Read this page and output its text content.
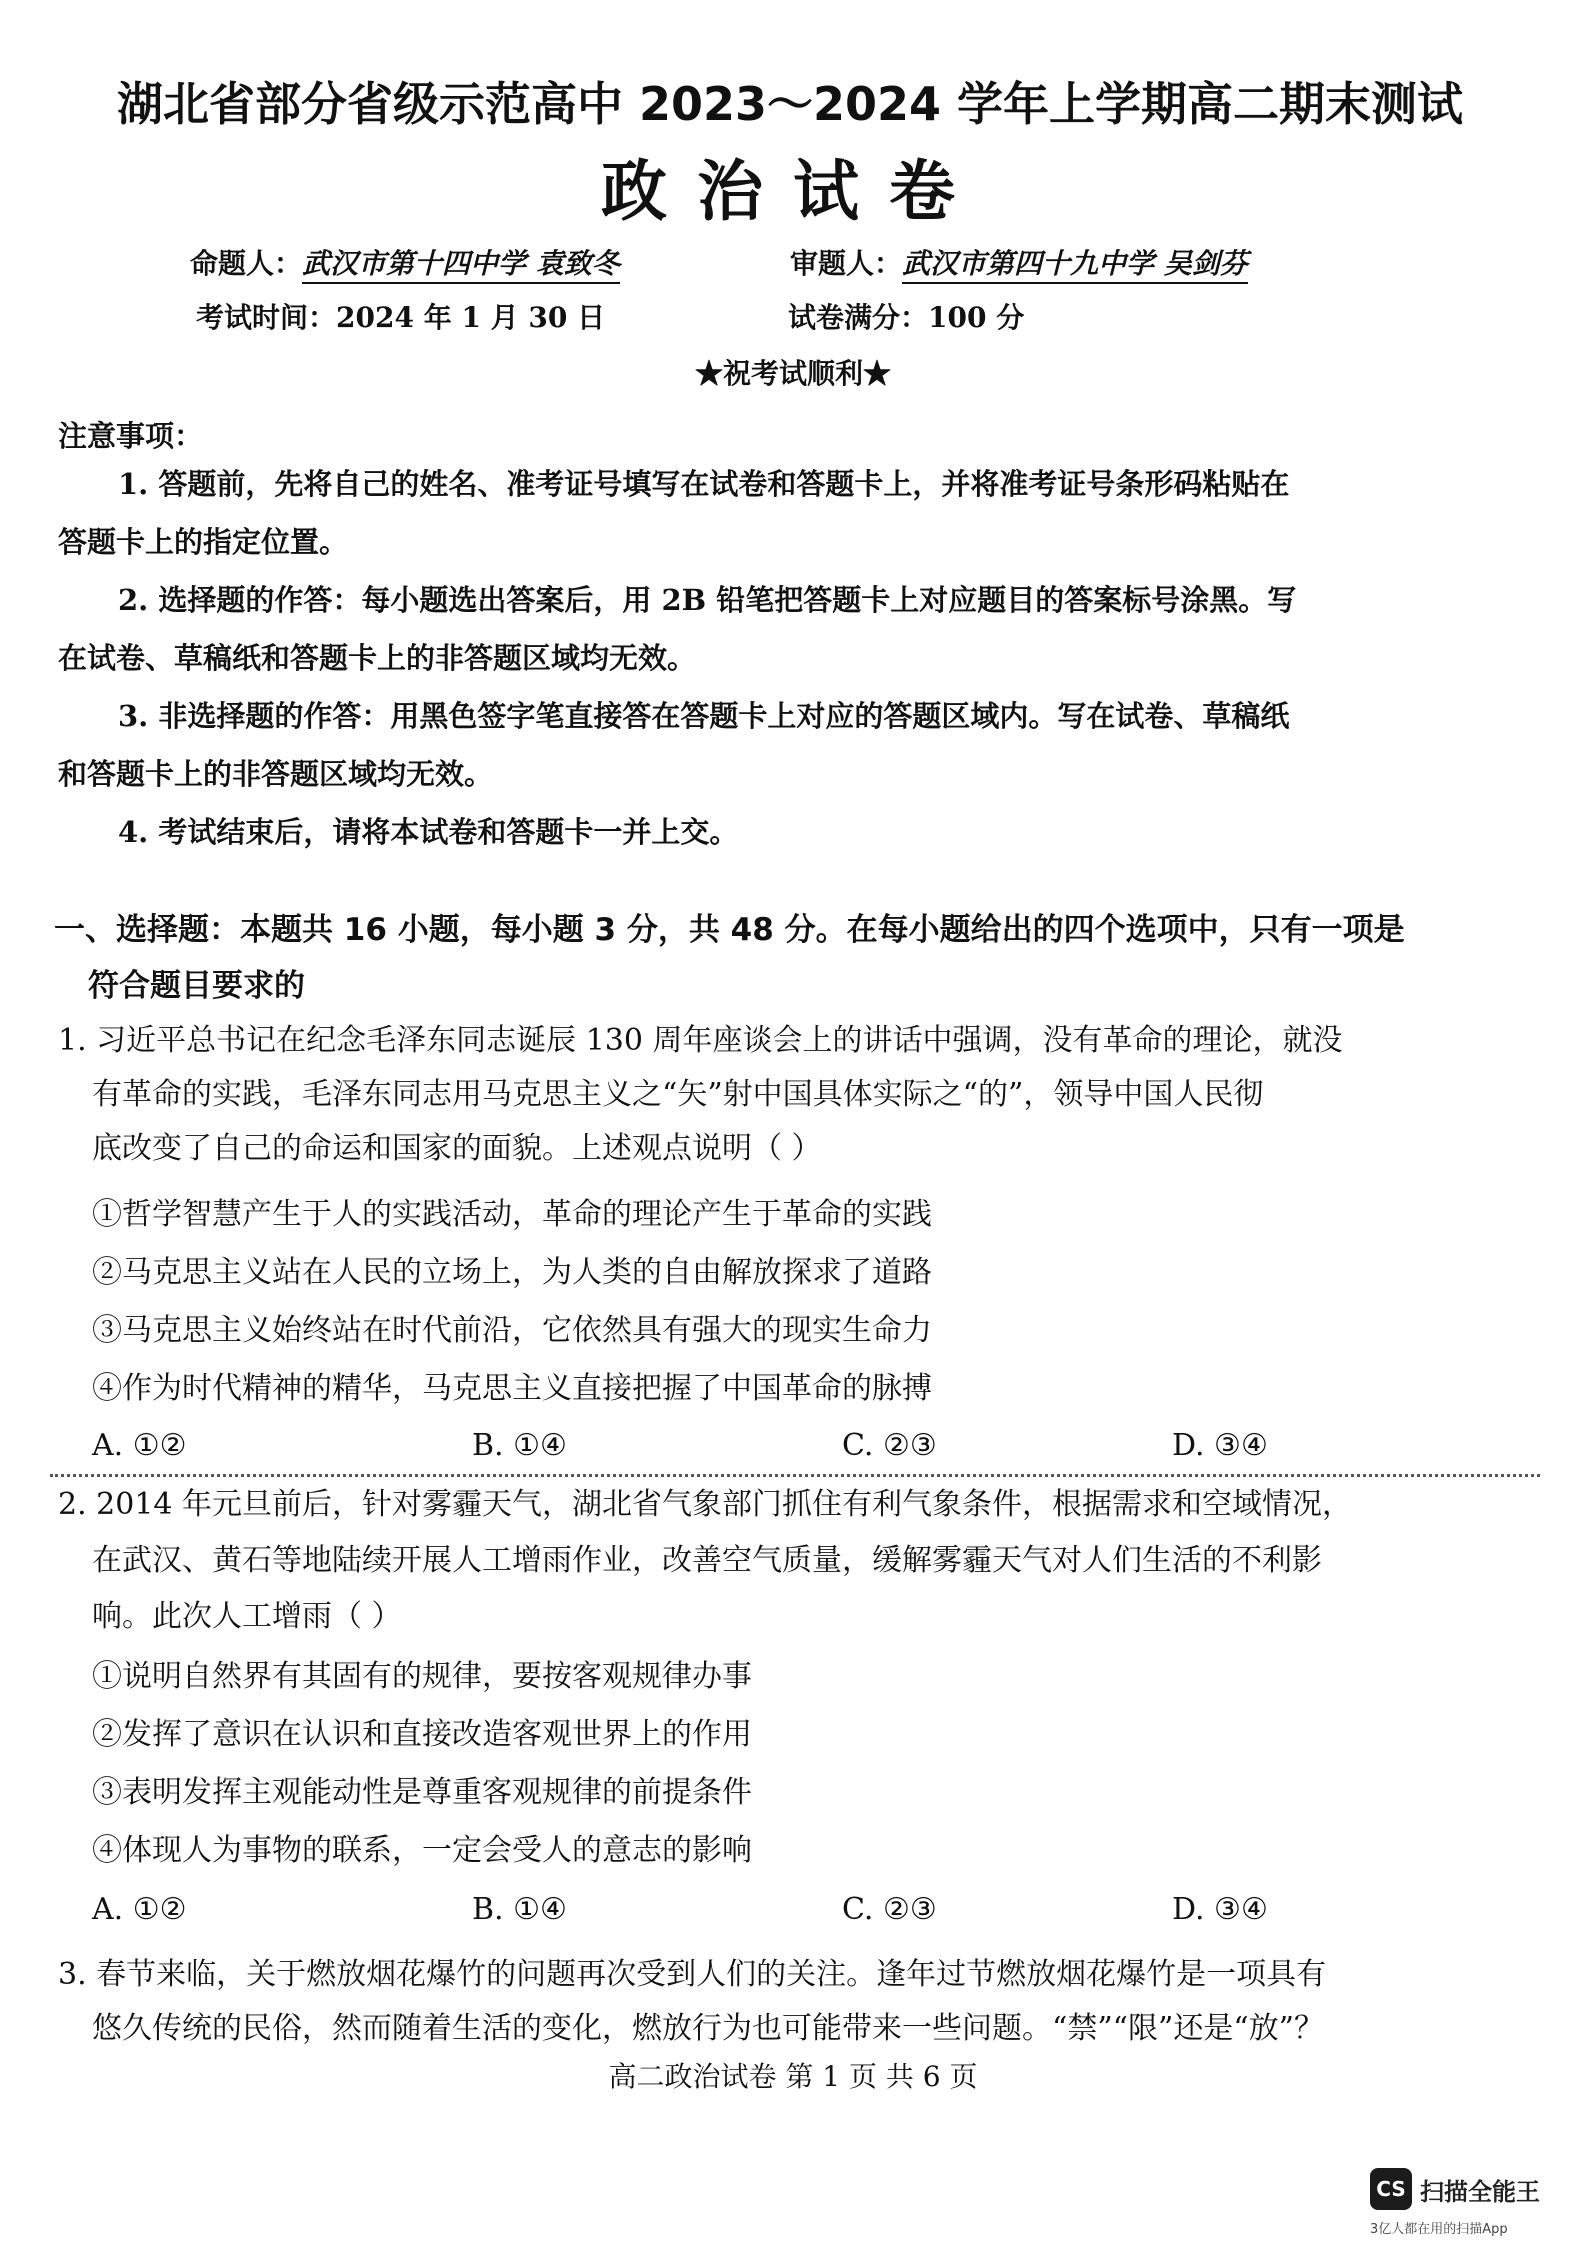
湖北省部分省级示范高中 2023～2024 学年上学期高二期末测试
政治试卷
命题人：武汉市第十四中学 袁致冬	审题人：武汉市第四十九中学 吴剑芬
考试时间：2024 年 1 月 30 日	试卷满分：100 分
★祝考试顺利★
注意事项：
1. 答题前，先将自己的姓名、准考证号填写在试卷和答题卡上，并将准考证号条形码粘贴在
答题卡上的指定位置。
2. 选择题的作答：每小题选出答案后，用 2B 铅笔把答题卡上对应题目的答案标号涂黑。写
在试卷、草稿纸和答题卡上的非答题区域均无效。
3. 非选择题的作答：用黑色签字笔直接答在答题卡上对应的答题区域内。写在试卷、草稿纸
和答题卡上的非答题区域均无效。
4. 考试结束后，请将本试卷和答题卡一并上交。
一、选择题：本题共 16 小题，每小题 3 分，共 48 分。在每小题给出的四个选项中，只有一项是
符合题目要求的
1. 习近平总书记在纪念毛泽东同志诞辰 130 周年座谈会上的讲话中强调，没有革命的理论，就没
有革命的实践，毛泽东同志用马克思主义之“矢”射中国具体实际之“的”，领导中国人民彻
底改变了自己的命运和国家的面貌。上述观点说明（ ）
①哲学智慧产生于人的实践活动，革命的理论产生于革命的实践
②马克思主义站在人民的立场上，为人类的自由解放探求了道路
③马克思主义始终站在时代前沿，它依然具有强大的现实生命力
④作为时代精神的精华，马克思主义直接把握了中国革命的脉搏
A. ①②	B. ①④	C. ②③	D. ③④
2. 2014 年元旦前后，针对雾霾天气，湖北省气象部门抓住有利气象条件，根据需求和空域情况，
在武汉、黄石等地陆续开展人工增雨作业，改善空气质量，缓解雾霾天气对人们生活的不利影
响。此次人工增雨（ ）
①说明自然界有其固有的规律，要按客观规律办事
②发挥了意识在认识和直接改造客观世界上的作用
③表明发挥主观能动性是尊重客观规律的前提条件
④体现人为事物的联系，一定会受人的意志的影响
A. ①②	B. ①④	C. ②③	D. ③④
3. 春节来临，关于燃放烟花爆竹的问题再次受到人们的关注。逢年过节燃放烟花爆竹是一项具有
悠久传统的民俗，然而随着生活的变化，燃放行为也可能带来一些问题。“禁”“限”还是“放”？
高二政治试卷 第 1 页 共 6 页
CS 扫描全能王
3亿人都在用的扫描App
